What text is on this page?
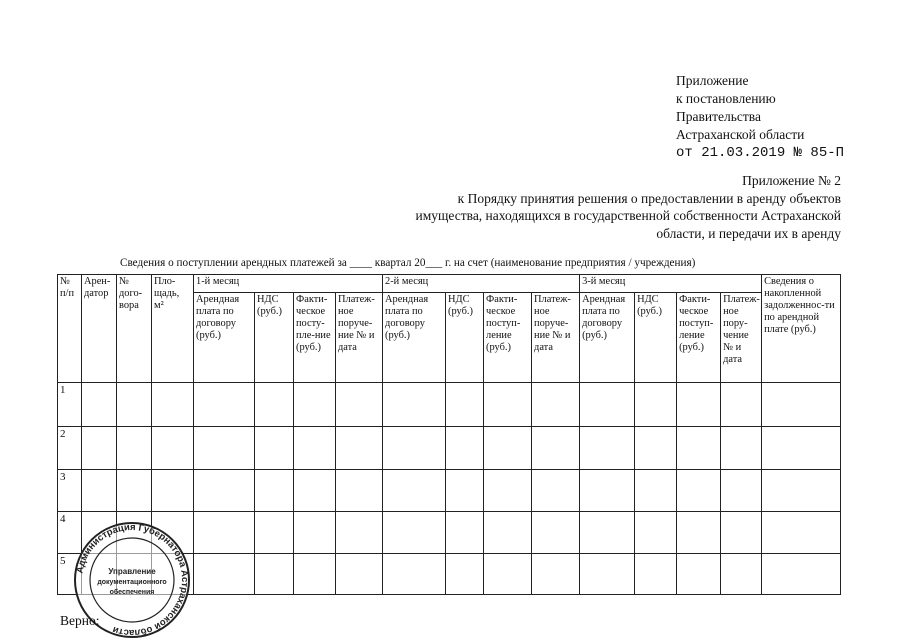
Приложение
к постановлению
Правительства
Астраханской области
от 21.03.2019 № 85-П
Приложение № 2
к Порядку принятия решения о предоставлении в аренду объектов
имущества, находящихся в государственной собственности Астраханской
области, и передачи их в аренду
Сведения о поступлении арендных платежей за ____ квартал 20___ г. на счет (наименование предприятия / учреждения)
№ п/п	Арен-датор	№ дого-вора	Пло-щадь, м²	1-й месяц				2-й месяц				3-й месяц				Сведения о накопленной задолженнос-ти по арендной плате (руб.)
				Арендная плата по договору (руб.)	НДС (руб.)	Факти-ческое посту-пле-ние (руб.)	Платеж-ное поруче-ние № и дата	Арендная плата по договору (руб.)	НДС (руб.)	Факти-ческое поступ-ление (руб.)	Платеж-ное поруче-ние № и дата	Арендная плата по договору (руб.)	НДС (руб.)	Факти-ческое поступ-ление (руб.)	Платеж-ное пору-чение № и дата	
1																
2																
3																
4																
5																
Администрация Губернатора Астраханской области
Управление
документационного
обеспечения
Верно:
